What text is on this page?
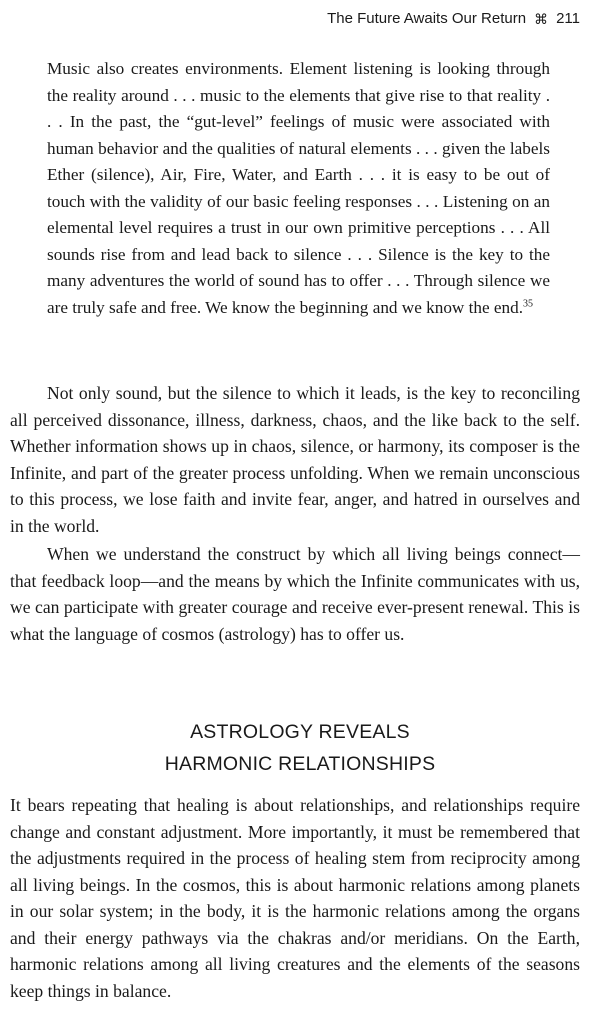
The Future Awaits Our Return ⌘ 211

Music also creates environments. Element listening is looking through the reality around . . . music to the elements that give rise to that reality . . . In the past, the “gut-level” feelings of music were associated with human behavior and the qualities of natural elements . . . given the labels Ether (silence), Air, Fire, Water, and Earth . . . it is easy to be out of touch with the validity of our basic feeling responses . . . Listening on an elemental level requires a trust in our own primitive perceptions . . . All sounds rise from and lead back to silence . . . Silence is the key to the many adventures the world of sound has to offer . . . Through silence we are truly safe and free. We know the beginning and we know the end.$^{35}$

Not only sound, but the silence to which it leads, is the key to reconciling all perceived dissonance, illness, darkness, chaos, and the like back to the self. Whether information shows up in chaos, silence, or harmony, its composer is the Infinite, and part of the greater process unfolding. When we remain unconscious to this process, we lose faith and invite fear, anger, and hatred in ourselves and in the world.

When we understand the construct by which all living beings connect—that feedback loop—and the means by which the Infinite communicates with us, we can participate with greater courage and receive ever-present renewal. This is what the language of cosmos (astrology) has to offer us.

ASTROLOGY REVEALS
HARMONIC RELATIONSHIPS

It bears repeating that healing is about relationships, and relationships require change and constant adjustment. More importantly, it must be remembered that the adjustments required in the process of healing stem from reciprocity among all living beings. In the cosmos, this is about harmonic relations among planets in our solar system; in the body, it is the harmonic relations among the organs and their energy pathways via the chakras and/or meridians. On the Earth, harmonic relations among all living creatures and the elements of the seasons keep things in balance.
